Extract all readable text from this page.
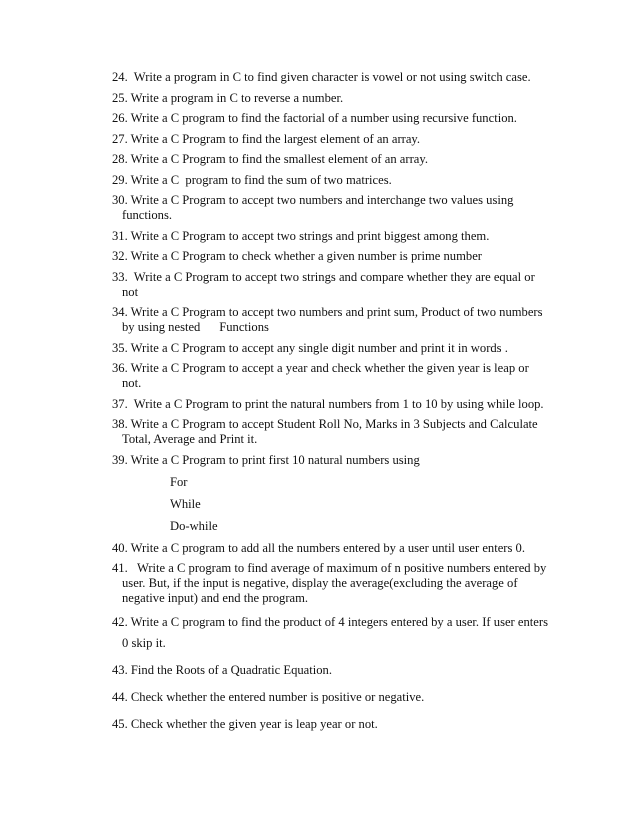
24.  Write a program in C to find given character is vowel or not using switch case.

25. Write a program in C to reverse a number.

26. Write a C program to find the factorial of a number using recursive function.

27. Write a C Program to find the largest element of an array.

28. Write a C Program to find the smallest element of an array.

29. Write a C  program to find the sum of two matrices.

30. Write a C Program to accept two numbers and interchange two values using functions.

31. Write a C Program to accept two strings and print biggest among them.

32. Write a C Program to check whether a given number is prime number

33.  Write a C Program to accept two strings and compare whether they are equal or not

34. Write a C Program to accept two numbers and print sum, Product of two numbers by using nested      Functions

35. Write a C Program to accept any single digit number and print it in words .

36. Write a C Program to accept a year and check whether the given year is leap or not.

37.  Write a C Program to print the natural numbers from 1 to 10 by using while loop.

38. Write a C Program to accept Student Roll No, Marks in 3 Subjects and Calculate Total, Average and Print it.

39. Write a C Program to print first 10 natural numbers using

For

While

Do-while

40. Write a C program to add all the numbers entered by a user until user enters 0.

41.   Write a C program to find average of maximum of n positive numbers entered by user. But, if the input is negative, display the average(excluding the average of negative input) and end the program.

42. Write a C program to find the product of 4 integers entered by a user. If user enters 0 skip it.

43. Find the Roots of a Quadratic Equation.

44. Check whether the entered number is positive or negative.

45. Check whether the given year is leap year or not.
